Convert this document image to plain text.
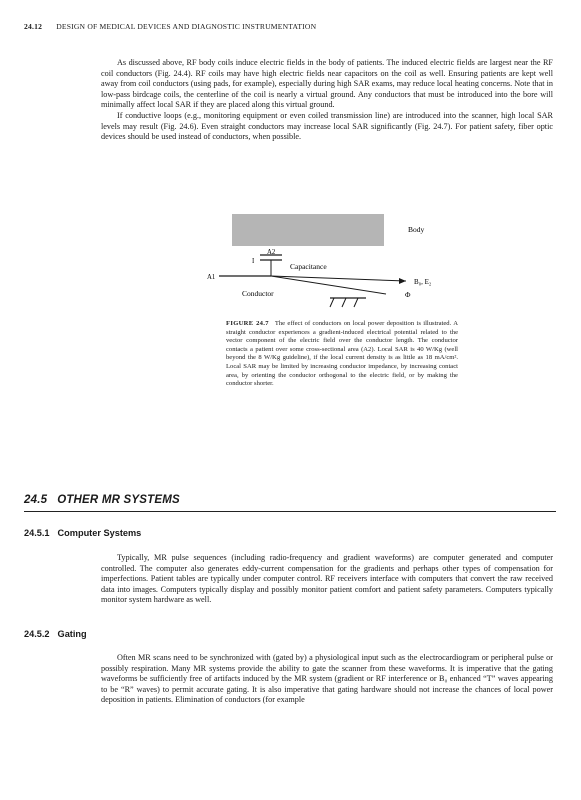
24.12 DESIGN OF MEDICAL DEVICES AND DIAGNOSTIC INSTRUMENTATION

As discussed above, RF body coils induce electric fields in the body of patients. The induced electric fields are largest near the RF coil conductors (Fig. 24.4). RF coils may have high electric fields near capacitors on the coil as well. Ensuring patients are kept well away from coil conductors (using pads, for example), especially during high SAR exams, may reduce local heating concerns. Note that in low-pass birdcage coils, the centerline of the coil is nearly a virtual ground. Any conductors that must be introduced into the bore will minimally affect local SAR if they are placed along this virtual ground.

If conductive loops (e.g., monitoring equipment or even coiled transmission line) are introduced into the scanner, high local SAR levels may result (Fig. 24.6). Even straight conductors may increase local SAR significantly (Fig. 24.7). For patient safety, fiber optic devices should be used instead of conductors, when possible.

Body
A2
I
Capacitance
A1
B₀, E₂
Φ
Conductor
FIGURE 24.7 The effect of conductors on local power deposition is illustrated. A straight conductor experiences a gradient-induced electrical potential related to the vector component of the electric field over the conductor length. The conductor contacts a patient over some cross-sectional area (A2). Local SAR is 40 W/Kg (well beyond the 8 W/Kg guideline), if the local current density is as little as 18 mA/cm². Local SAR may be limited by increasing conductor impedance, by increasing contact area, by orienting the conductor orthogonal to the electric field, or by making the conductor shorter.
24.5 OTHER MR SYSTEMS
24.5.1 Computer Systems

Typically, MR pulse sequences (including radio-frequency and gradient waveforms) are computer generated and computer controlled. The computer also generates eddy-current compensation for the gradients and perhaps other types of compensation for imperfections. Patient tables are typically under computer control. RF receivers interface with computers that convert the raw received data into images. Computers typically display and possibly monitor patient comfort and patient safety parameters. Computers typically monitor system hardware as well.

24.5.2 Gating

Often MR scans need to be synchronized with (gated by) a physiological input such as the electrocardiogram or peripheral pulse or possibly respiration. Many MR systems provide the ability to gate the scanner from these waveforms. It is imperative that the gating waveforms be sufficiently free of artifacts induced by the MR system (gradient or RF interference or B₀ enhanced “T” waves appearing to be “R” waves) to permit accurate gating. It is also imperative that gating hardware should not increase the chances of local power deposition in patients. Elimination of conductors (for example
